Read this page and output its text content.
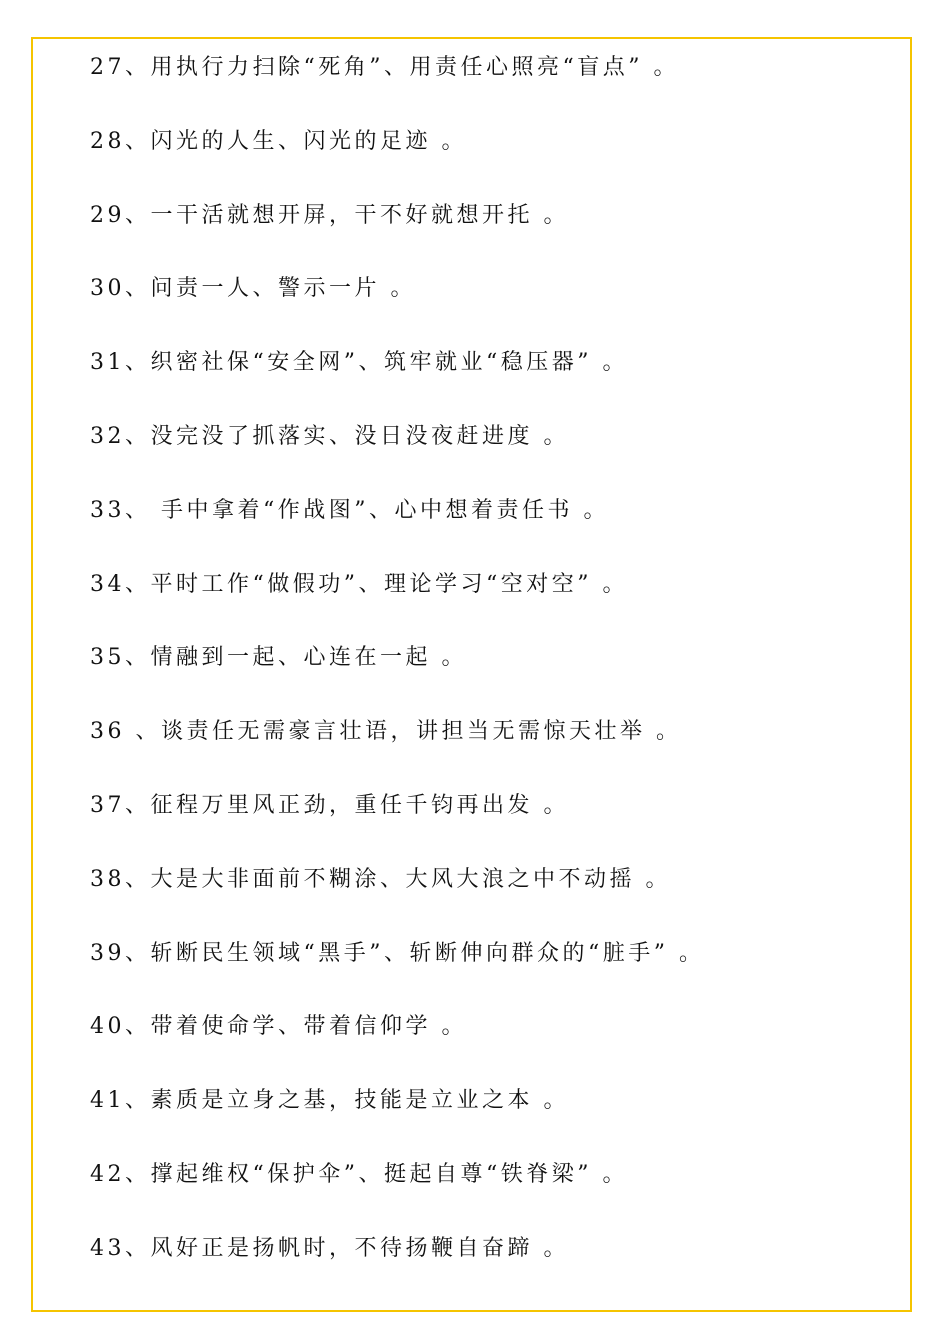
27、用执行力扫除“死角”、用责任心照亮“盲点” 。
28、闪光的人生、闪光的足迹 。
29、一干活就想开屏，干不好就想开托 。
30、问责一人、警示一片 。
31、织密社保“安全网”、筑牢就业“稳压器” 。
32、没完没了抓落实、没日没夜赶进度 。
33、 手中拿着“作战图”、心中想着责任书 。
34、平时工作“做假功”、理论学习“空对空” 。
35、情融到一起、心连在一起 。
36 、谈责任无需豪言壮语，讲担当无需惊天壮举 。
37、征程万里风正劲，重任千钧再出发 。
38、大是大非面前不糊涂、大风大浪之中不动摇 。
39、斩断民生领域“黑手”、斩断伸向群众的“脏手” 。
40、带着使命学、带着信仰学 。
41、素质是立身之基，技能是立业之本 。
42、撑起维权“保护伞”、挺起自尊“铁脊梁” 。
43、风好正是扬帆时，不待扬鞭自奋蹄 。
